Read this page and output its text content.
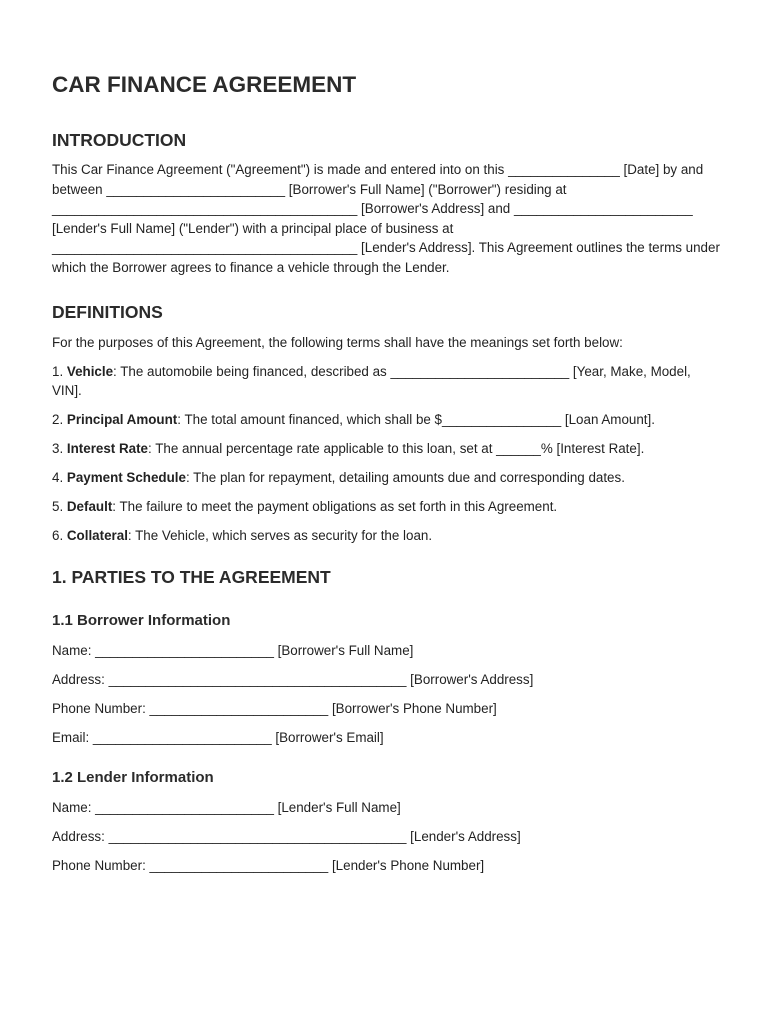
CAR FINANCE AGREEMENT
INTRODUCTION

This Car Finance Agreement ("Agreement") is made and entered into on this _______________ [Date] by and between ________________________ [Borrower's Full Name] ("Borrower") residing at _________________________________________ [Borrower's Address] and ________________________ [Lender's Full Name] ("Lender") with a principal place of business at _________________________________________ [Lender's Address]. This Agreement outlines the terms under which the Borrower agrees to finance a vehicle through the Lender.

DEFINITIONS

For the purposes of this Agreement, the following terms shall have the meanings set forth below:

1. Vehicle: The automobile being financed, described as ________________________ [Year, Make, Model, VIN].

2. Principal Amount: The total amount financed, which shall be $________________ [Loan Amount].

3. Interest Rate: The annual percentage rate applicable to this loan, set at ______% [Interest Rate].

4. Payment Schedule: The plan for repayment, detailing amounts due and corresponding dates.

5. Default: The failure to meet the payment obligations as set forth in this Agreement.

6. Collateral: The Vehicle, which serves as security for the loan.

1. PARTIES TO THE AGREEMENT
1.1 Borrower Information

Name: ________________________ [Borrower's Full Name]

Address: ________________________________________ [Borrower's Address]

Phone Number: ________________________ [Borrower's Phone Number]

Email: ________________________ [Borrower's Email]

1.2 Lender Information

Name: ________________________ [Lender's Full Name]

Address: ________________________________________ [Lender's Address]

Phone Number: ________________________ [Lender's Phone Number]
